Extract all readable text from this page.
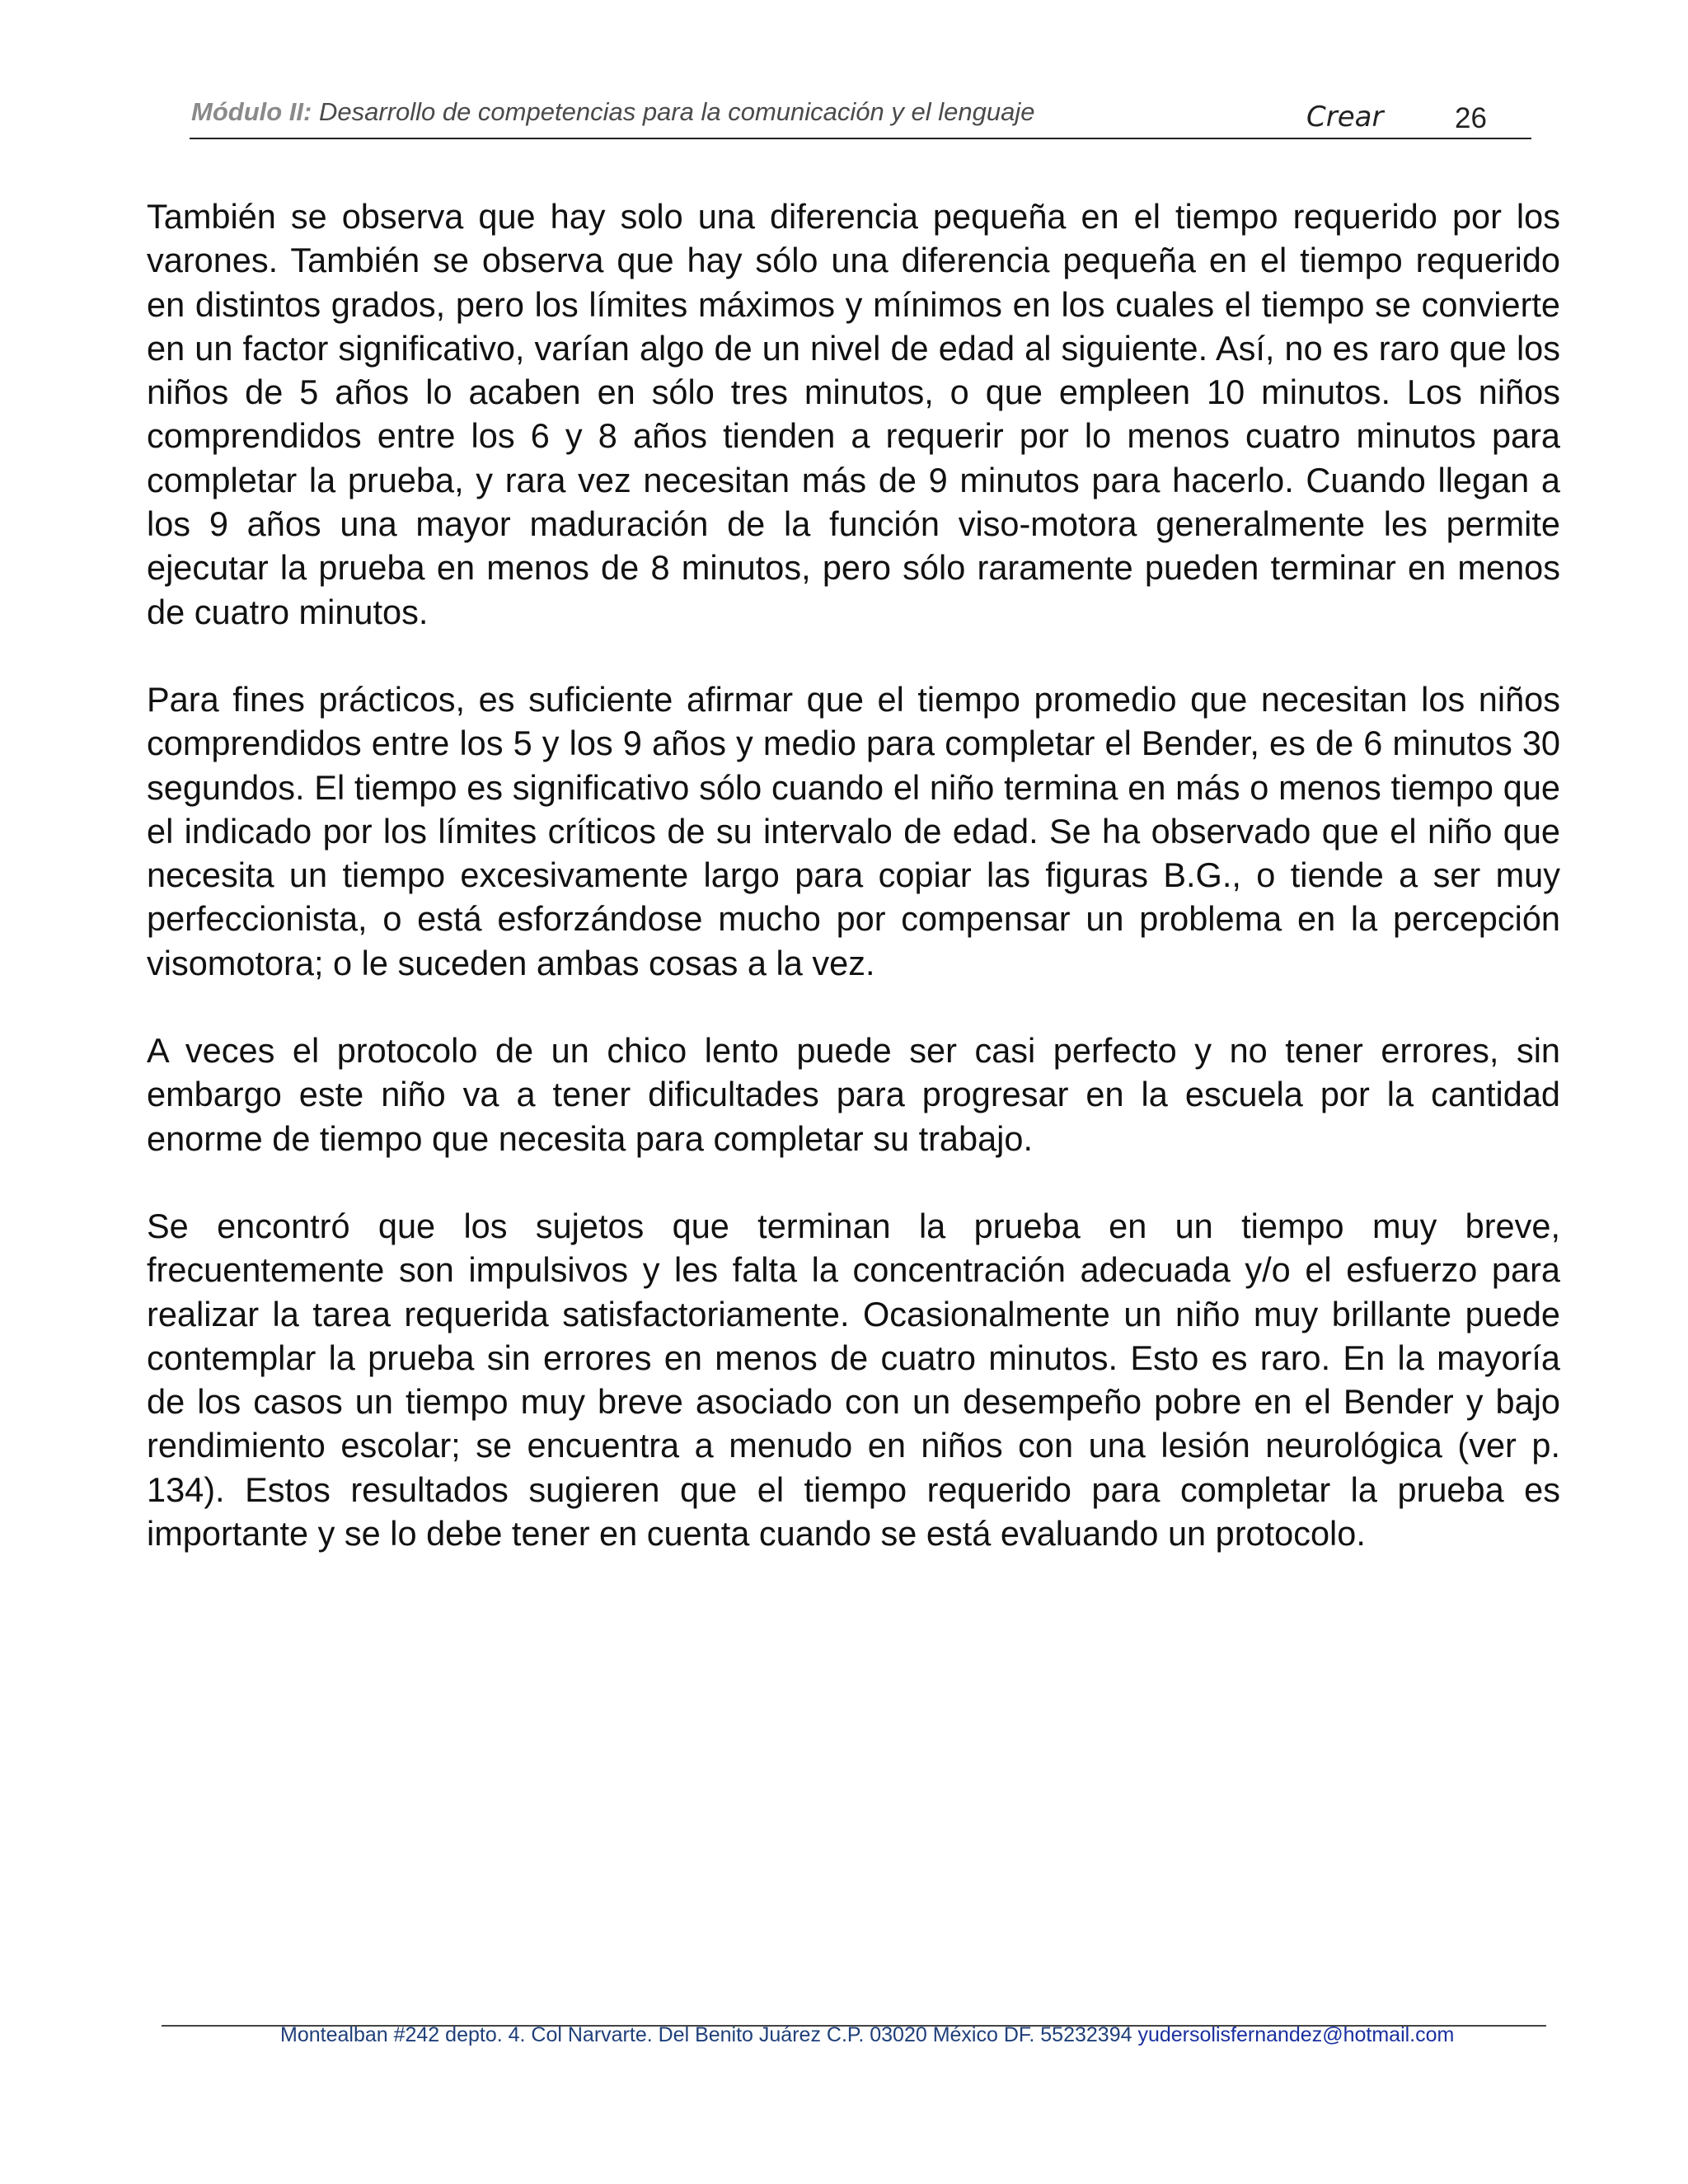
Módulo II: Desarrollo de competencias para la comunicación y el lenguaje	Crear 26

También se observa que hay solo una diferencia pequeña en el tiempo requerido por los varones. También se observa que hay sólo una diferencia pequeña en el tiempo requerido en distintos grados, pero los límites máximos y mínimos en los cuales el tiempo se convierte en un factor significativo, varían algo de un nivel de edad al siguiente. Así, no es raro que los niños de 5 años lo acaben en sólo tres minutos, o que empleen 10 minutos. Los niños comprendidos entre los 6 y 8 años tienden a requerir por lo menos cuatro minutos para completar la prueba, y rara vez necesitan más de 9 minutos para hacerlo. Cuando llegan a los 9 años una mayor maduración de la función viso-motora generalmente les permite ejecutar la prueba en menos de 8 minutos, pero sólo raramente pueden terminar en menos de cuatro minutos.

Para fines prácticos, es suficiente afirmar que el tiempo promedio que necesitan los niños comprendidos entre los 5 y los 9 años y medio para completar el Bender, es de 6 minutos 30 segundos. El tiempo es significativo sólo cuando el niño termina en más o menos tiempo que el indicado por los límites críticos de su intervalo de edad. Se ha observado que el niño que necesita un tiempo excesivamente largo para copiar las figuras B.G., o tiende a ser muy perfeccionista, o está esforzándose mucho por compensar un problema en la percepción visomotora; o le suceden ambas cosas a la vez.

A veces el protocolo de un chico lento puede ser casi perfecto y no tener errores, sin embargo este niño va a tener dificultades para progresar en la escuela por la cantidad enorme de tiempo que necesita para completar su trabajo.

Se encontró que los sujetos que terminan la prueba en un tiempo muy breve, frecuentemente son impulsivos y les falta la concentración adecuada y/o el esfuerzo para realizar la tarea requerida satisfactoriamente. Ocasionalmente un niño muy brillante puede contemplar la prueba sin errores en menos de cuatro minutos. Esto es raro. En la mayoría de los casos un tiempo muy breve asociado con un desempeño pobre en el Bender y bajo rendimiento escolar; se encuentra a menudo en niños con una lesión neurológica (ver p. 134). Estos resultados sugieren que el tiempo requerido para completar la prueba es importante y se lo debe tener en cuenta cuando se está evaluando un protocolo.

Montealban #242 depto. 4. Col Narvarte. Del Benito Juárez C.P. 03020 México DF. 55232394 yudersolisfernandez@hotmail.com
